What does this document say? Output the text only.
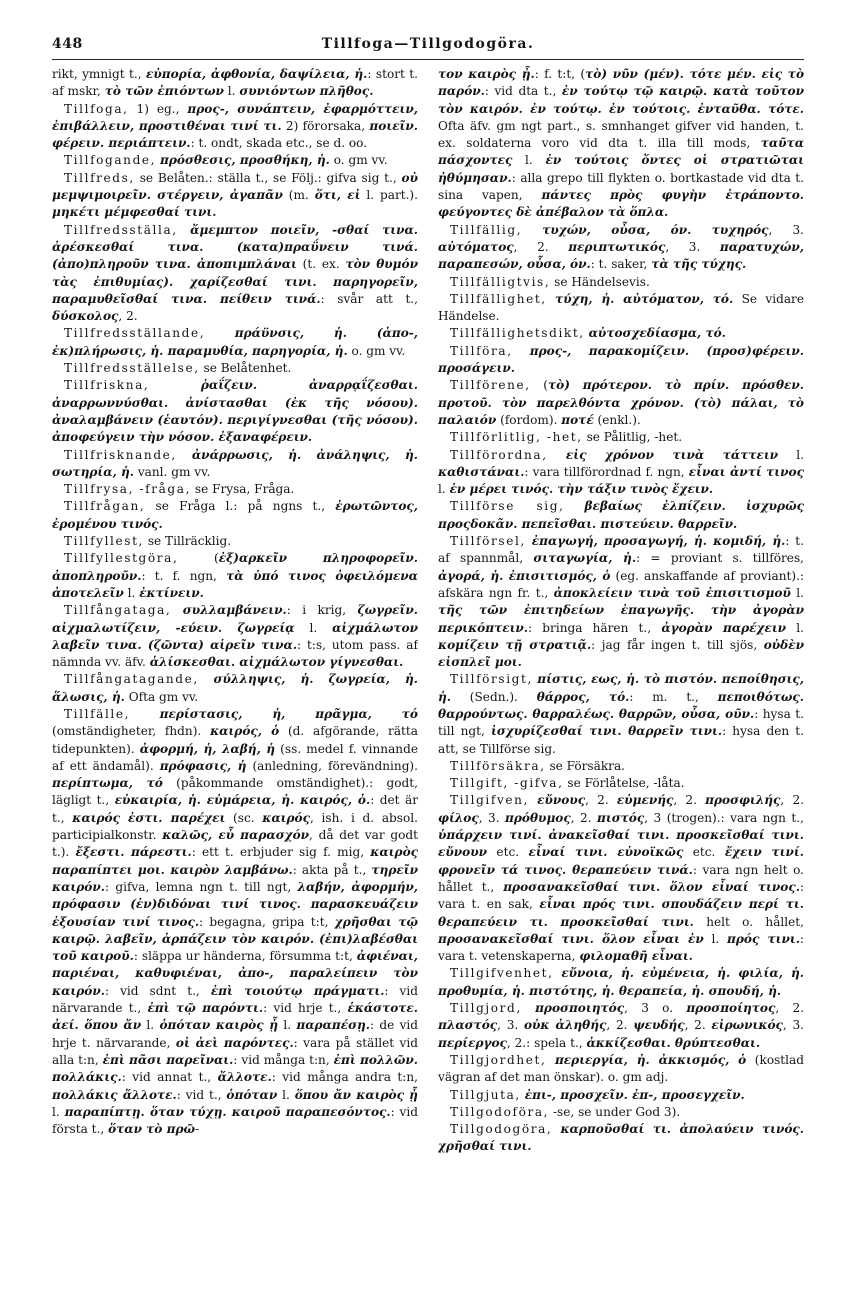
448	Tillfoga—Tillgodogöra.

rikt, ymnigt t., εὐπορία, ἀφθονία, δαψίλεια, ἡ.: stort t. af mskr, τὸ τῶν ἐπιόντων l. συνιόντων πλῆθος.

Tillfoga, 1) eg., προς-, συνάπτειν, ἐφαρμόττειν, ἐπιβάλλειν, προστιθέναι τινί τι. 2) förorsaka, ποιεῖν. φέρειν. περιάπτειν.: t. ondt, skada etc., se d. oo.

Tillfogande, πρόσθεσις, προσθήκη, ἡ. o. gm vv.

Tillfreds, se Belåten.: ställa t., se Följ.: gifva sig t., οὐ μεμψιμοιρεῖν. στέργειν, ἀγαπᾶν (m. ὅτι, εἰ l. part.). μηκέτι μέμφεσθαί τινι.

Tillfredsställa, ἄμεμπτον ποιεῖν, -σθαί τινα. ἀρέσκεσθαί τινα. (κατα)πραΰνειν τινά. (ἀπο)πληροῦν τινα. ἀποπιμπλάναι (t. ex. τὸν θυμόν τὰς ἐπιθυμίας). χαρίζεσθαί τινι. παρηγορεῖν, παραμυθεῖσθαί τινα. πείθειν τινά.: svår att t., δύσκολος, 2.

Tillfredsställande, πράϋνσις, ἡ. (ἀπο-, ἐκ)πλήρωσις, ἡ. παραμυθία, παρηγορία, ἡ. o. gm vv.

Tillfredsställelse, se Belåtenhet.

Tillfriskna,	ῥαΐζειν. ἀναρρᾳΐζεσθαι. ἀναρρωννύσθαι. ἀνίστασθαι (ἐκ τῆς νόσου). ἀναλαμβάνειν (ἑαυτόν). περιγίγνεσθαι (τῆς νόσου). ἀποφεύγειν τὴν νόσον. ἐξαναφέρειν.

Tillfrisknande, ἀνάρρωσις, ἡ. ἀνάληψις, ἡ. σωτηρία, ἡ. vanl. gm vv.

Tillfrysa, -fråga, se Frysa, Fråga.

Tillfrågan, se Fråga l.: på ngns t., ἐρωτῶντος, ἐρομένου τινός.

Tillfyllest, se Tillräcklig.

Tillfyllestgöra, (ἐξ)αρκεῖν πληροφορεῖν. ἀποπληροῦν.: t. f. ngn, τὰ ὑπό τινος ὀφειλόμενα ἀποτελεῖν l. ἐκτίνειν.

Tillfångataga, συλλαμβάνειν.: i krig, ζωγρεῖν. αἰχμαλωτίζειν, -εύειν. ζωγρείᾳ l. αἰχμάλωτον λαβεῖν τινα. (ζῶντα) αἱρεῖν τινα.: t:s, utom pass. af nämnda vv. äfv. ἁλίσκεσθαι. αἰχμάλωτον γίγνεσθαι.

Tillfångatagande, σύλληψις, ἡ. ζωγρεία, ἡ. ἅλωσις, ἡ. Ofta gm vv.

Tillfälle, περίστασις, ἡ, πρᾶγμα, τό (omständigheter, fhdn). καιρός, ὁ (d. afgörande, rätta tidepunkten). ἀφορμή, ἡ, λαβή, ἡ (ss. medel f. vinnande af ett ändamål). πρόφασις, ἡ (anledning, förevändning). περίπτωμα, τό (påkommande omständighet).: godt, lägligt t., εὐκαιρία, ἡ. εὐμάρεια, ἡ. καιρός, ὁ.: det är t., καιρός ἐστι. παρέχει (sc. καιρός, ish. i d. absol. participialkonstr. καλῶς, εὖ παρασχόν, då det var godt t.). ἔξεστι. πάρεστι.: ett t. erbjuder sig f. mig, καιρὸς παραπίπτει μοι. καιρὸν λαμβάνω.: akta på t., τηρεῖν καιρόν.: gifva, lemna ngn t. till ngt, λαβήν, ἀφορμήν, πρόφασιν (ἐν)διδόναι τινί τινος. παρασκευάζειν ἐξουσίαν τινί τινος.: begagna, gripa t:t, χρῆσθαι τῷ καιρῷ. λαβεῖν, ἁρπάζειν τὸν καιρόν. (ἐπι)λαβέσθαι τοῦ καιροῦ.: släppa ur händerna, försumma t:t, ἀφιέναι, παριέναι, καθυφιέναι, ἀπο-, παραλείπειν τὸν καιρόν.: vid sdnt t., ἐπὶ τοιούτῳ πράγματι.: vid närvarande t., ἐπὶ τῷ παρόντι.: vid hrje t., ἑκάστοτε. ἀεί. ὅπου ἄν l. ὁπόταν καιρὸς ᾖ l. παραπέσῃ.: de vid hrje t. närvarande, οἱ ἀεὶ παρόντες.: vara på stället vid alla t:n, ἐπὶ πᾶσι παρεῖναι.: vid många t:n, ἐπὶ πολλῶν. πολλάκις.: vid annat t., ἄλλοτε.: vid många andra t:n, πολλάκις ἄλλοτε.: vid t., ὁπόταν l. ὅπου ἄν καιρὸς ᾖ l. παραπίπτῃ. ὅταν τύχῃ. καιροῦ παραπεσόντος.: vid första t., ὅταν τὸ πρῶ-

τον καιρὸς ᾖ.: f. t:t, (τὸ) νῦν (μέν). τότε μέν. εἰς τὸ παρόν.: vid dta t., ἐν τούτῳ τῷ καιρῷ. κατὰ τοῦτον τὸν καιρόν. ἐν τούτῳ. ἐν τούτοις. ἐνταῦθα. τότε. Ofta äfv. gm ngt part., s. smnhanget gifver vid handen, t. ex. soldaterna voro vid dta t. illa till mods, ταῦτα πάσχοντες l. ἐν τούτοις ὄντες οἱ στρατιῶται ἠθύμησαν.: alla grepo till flykten o. bortkastade vid dta t. sina vapen, πάντες πρὸς φυγὴν ἐτράποντο. φεύγοντες δὲ ἀπέβαλον τὰ ὅπλα.

Tillfällig, τυχών, οὖσα, όν. τυχηρός, 3. αὐτόματος, 2. περιπτωτικός, 3. παρατυχών, παραπεσών, οὖσα, όν.: t. saker, τὰ τῆς τύχης.

Tillfälligtvis, se Händelsevis.

Tillfällighet, τύχη, ἡ. αὐτόματον, τό. Se vidare Händelse.

Tillfällighetsdikt, αὐτοσχεδίασμα, τό.

Tillföra, προς-, παρακομίζειν. (προσ)φέρειν. προσάγειν.

Tillförene, (τὸ) πρότερον. τὸ πρίν. πρόσθεν. προτοῦ. τὸν παρελθόντα χρόνον. (τὸ) πάλαι, τὸ παλαιόν (fordom). ποτέ (enkl.).

Tillförlitlig, -het, se Pålitlig, -het.

Tillförordna, εἰς χρόνον τινὰ τάττειν l. καθιστάναι.: vara tillförordnad f. ngn, εἶναι ἀντί τινος l. ἐν μέρει τινός. τὴν τάξιν τινὸς ἔχειν.

Tillförse sig, βεβαίως ἐλπίζειν. ἰσχυρῶς προςδοκᾶν. πεπεῖσθαι. πιστεύειν. θαρρεῖν.

Tillförsel, ἐπαγωγή, προσαγωγή, ἡ. κομιδή, ἡ.: t. af spannmål, σιταγωγία, ἡ.: = proviant s. tillföres, ἀγορά, ἡ. ἐπισιτισμός, ὁ (eg. anskaffande af proviant).: afskära ngn fr. t., ἀποκλείειν τινὰ τοῦ ἐπισιτισμοῦ l. τῆς τῶν ἐπιτηδείων ἐπαγωγῆς. τὴν ἀγορὰν περικόπτειν.: bringa hären t., ἀγορὰν παρέχειν l. κομίζειν τῇ στρατιᾷ.: jag får ingen t. till sjös, οὐδὲν εἰσπλεῖ μοι.

Tillförsigt, πίστις, εως, ἡ. τὸ πιστόν. πεποίθησις, ἡ. (Sedn.). θάρρος, τό.: m. t., πεποιθότως. θαρρούντως. θαρραλέως. θαρρῶν, οὖσα, οῦν.: hysa t. till ngt, ἰσχυρίζεσθαί τινι. θαρρεῖν τινι.: hysa den t. att, se Tillförse sig.

Tillförsäkra, se Försäkra.

Tillgift, -gifva, se Förlåtelse, -låta.

Tillgifven, εὔνους, 2. εὐμενής, 2. προσφιλής, 2. φίλος, 3. πρόθυμος, 2. πιστός, 3 (trogen).: vara ngn t., ὑπάρχειν τινί. ἀνακεῖσθαί τινι. προσκεῖσθαί τινι. εὔνουν etc. εἶναί τινι. εὐνοϊκῶς etc. ἔχειν τινί. φρονεῖν τά τινος. θεραπεύειν τινά.: vara ngn helt o. hållet t., προσανακεῖσθαί τινι. ὅλον εἶναί τινος.: vara t. en sak, εἶναι πρός τινι. σπουδάζειν περί τι. θεραπεύειν τι. προσκεῖσθαί τινι. helt o. hållet, προσανακεῖσθαί τινι. ὅλον εἶναι ἐν l. πρός τινι.: vara t. vetenskaperna, φιλομαθῆ εἶναι.

Tillgifvenhet, εὔνοια, ἡ. εὐμένεια, ἡ. φιλία, ἡ. προθυμία, ἡ. πιστότης, ἡ. θεραπεία, ἡ. σπουδή, ἡ.

Tillgjord, προσποιητός, 3 o. προσποίητος, 2. πλαστός, 3. οὐκ ἀληθής, 2. ψευδής, 2. εἰρωνικός, 3. περίεργος, 2.: spela t., ἀκκίζεσθαι. θρύπτεσθαι.

Tillgjordhet, περιεργία, ἡ. ἀκκισμός, ὁ (kostlad vägran af det man önskar). o. gm adj.

Tillgjuta, ἐπι-, προσχεῖν. ἐπ-, προσεγχεῖν.

Tillgodoföra, -se, se under God 3).

Tillgodogöra, καρποῦσθαί τι. ἀπολαύειν τινός. χρῆσθαί τινι.
